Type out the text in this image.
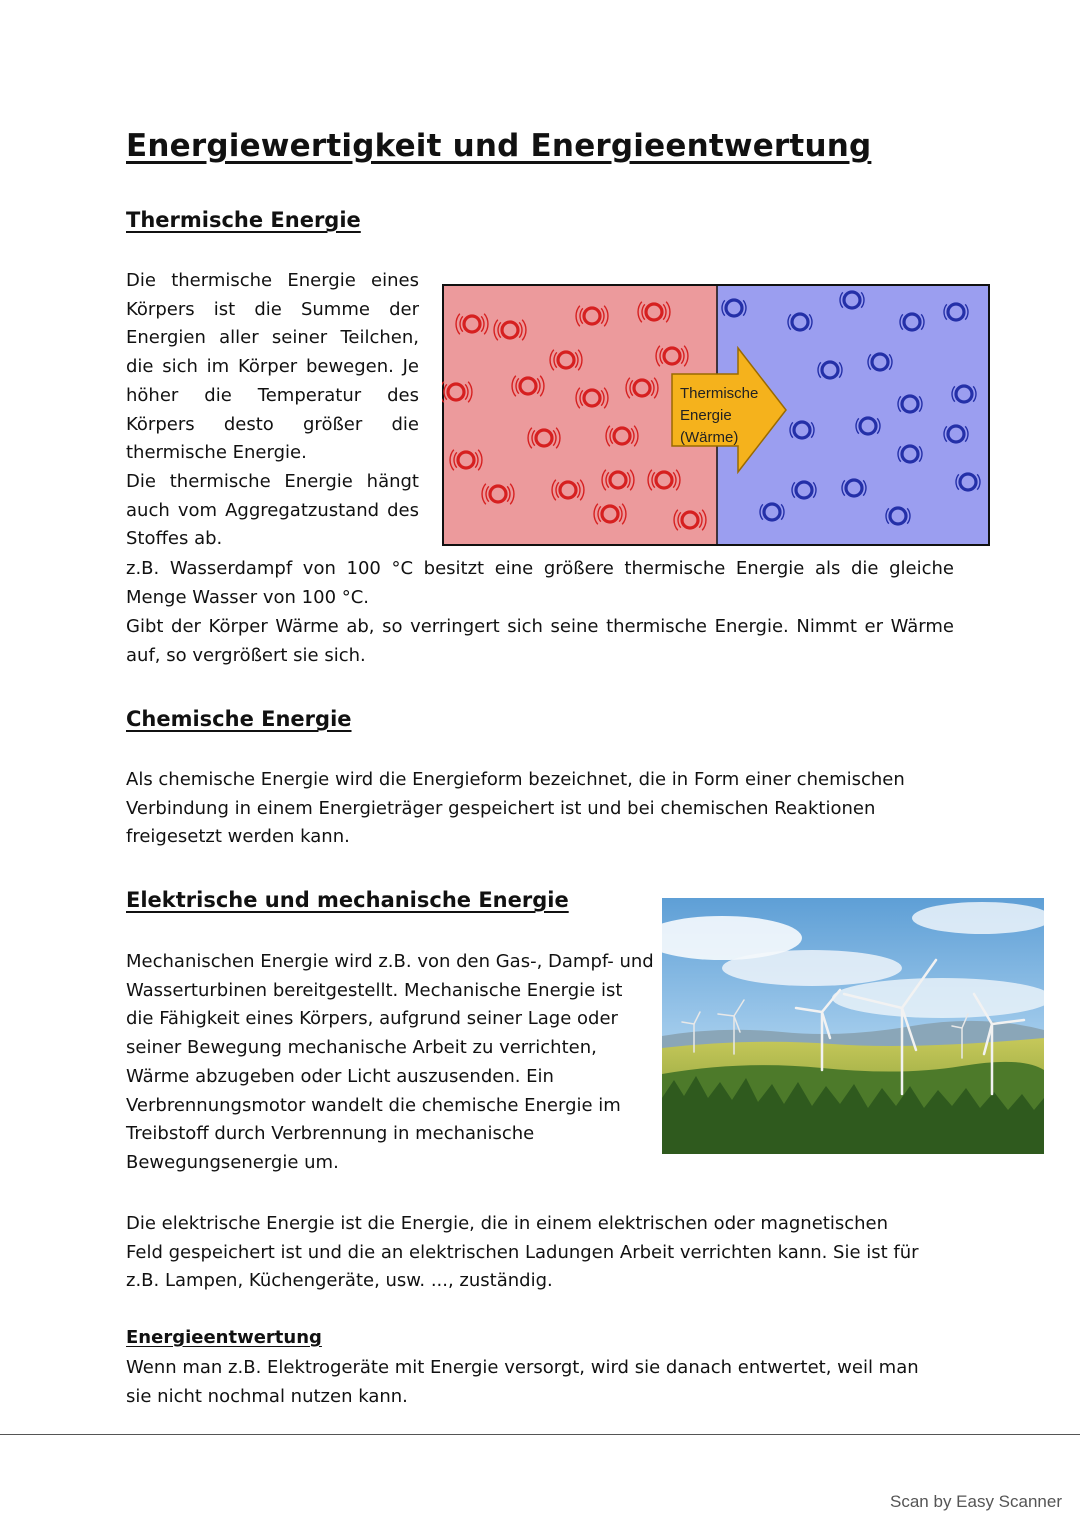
Energiewertigkeit und Energieentwertung
Thermische Energie
Die thermische Energie eines
Körpers ist die Summe der
Energien aller seiner Teilchen,
die sich im Körper bewegen. Je
höher die Temperatur des
Körpers desto größer die
thermische Energie.
Die thermische Energie hängt
auch vom Aggregatzustand des
Stoffes ab.
Thermische
Energie
(Wärme)

z.B. Wasserdampf von 100 °C besitzt eine größere thermische Energie als die gleiche Menge Wasser von 100 °C.

Gibt der Körper Wärme ab, so verringert sich seine thermische Energie. Nimmt er Wärme auf, so vergrößert sie sich.

Chemische Energie

Als chemische Energie wird die Energieform bezeichnet, die in Form einer chemischen Verbindung in einem Energieträger gespeichert ist und bei chemischen Reaktionen freigesetzt werden kann.

Elektrische und mechanische Energie
Mechanischen Energie wird z.B. von den Gas-, Dampf- und
Wasserturbinen bereitgestellt. Mechanische Energie ist
die Fähigkeit eines Körpers, aufgrund seiner Lage oder
seiner Bewegung mechanische Arbeit zu verrichten,
Wärme abzugeben oder Licht auszusenden. Ein
Verbrennungsmotor wandelt die chemische Energie im
Treibstoff durch Verbrennung in mechanische
Bewegungsenergie um.

Die elektrische Energie ist die Energie, die in einem elektrischen oder magnetischen Feld gespeichert ist und die an elektrischen Ladungen Arbeit verrichten kann. Sie ist für z.B. Lampen, Küchengeräte, usw. ..., zuständig.

Energieentwertung

Wenn man z.B. Elektrogeräte mit Energie versorgt, wird sie danach entwertet, weil man sie nicht nochmal nutzen kann.

Scan by Easy Scanner
